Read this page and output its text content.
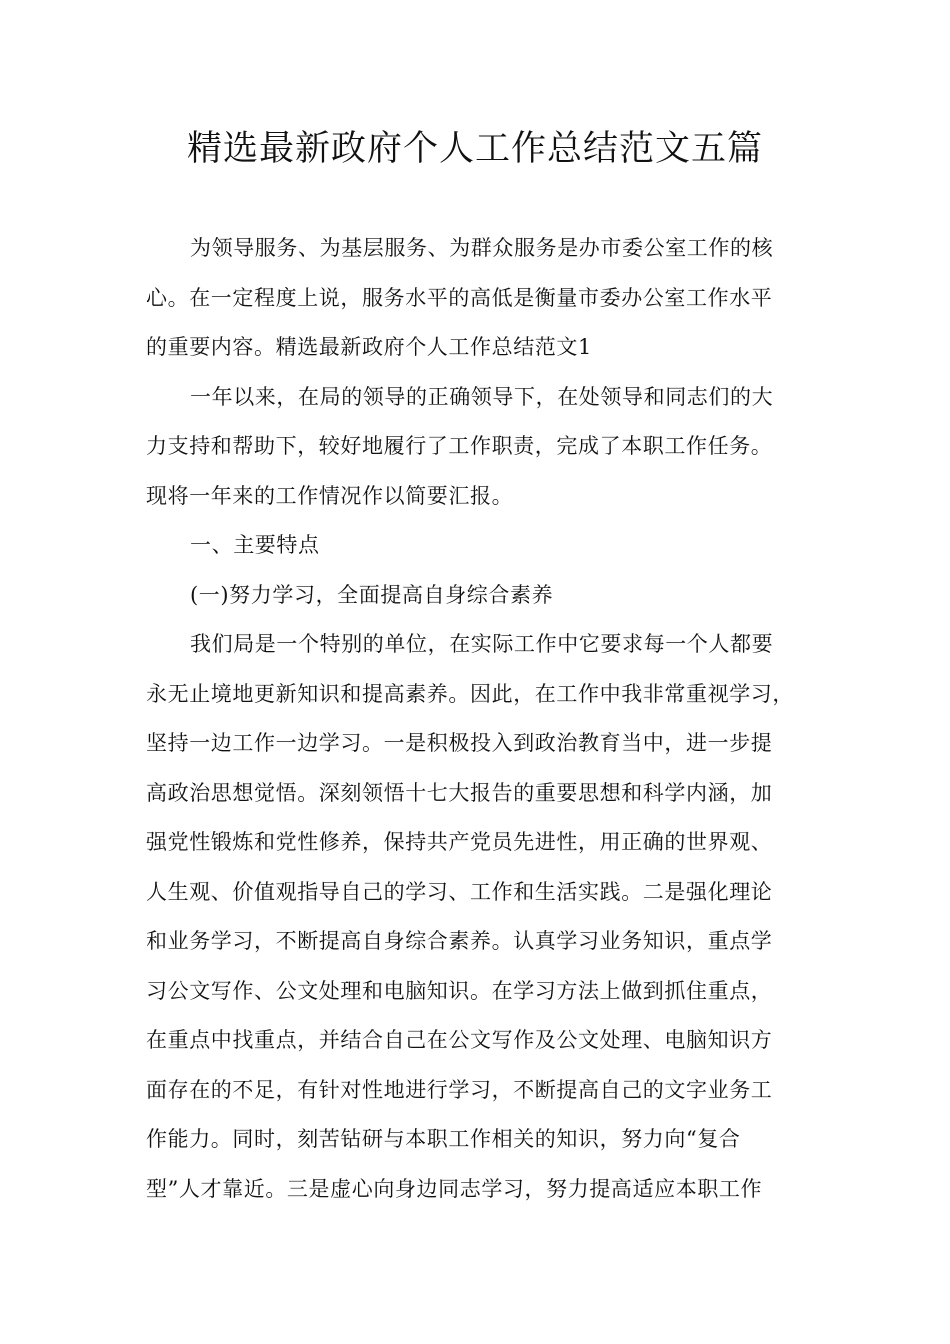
精选最新政府个人工作总结范文五篇
为领导服务、为基层服务、为群众服务是办市委公室工作的核
心。在一定程度上说，服务水平的高低是衡量市委办公室工作水平
的重要内容。精选最新政府个人工作总结范文1
一年以来，在局的领导的正确领导下，在处领导和同志们的大
力支持和帮助下，较好地履行了工作职责，完成了本职工作任务。
现将一年来的工作情况作以简要汇报。
一、主要特点
(一)努力学习，全面提高自身综合素养
我们局是一个特别的单位，在实际工作中它要求每一个人都要
永无止境地更新知识和提高素养。因此，在工作中我非常重视学习，
坚持一边工作一边学习。一是积极投入到政治教育当中，进一步提
高政治思想觉悟。深刻领悟十七大报告的重要思想和科学内涵，加
强党性锻炼和党性修养，保持共产党员先进性，用正确的世界观、
人生观、价值观指导自己的学习、工作和生活实践。二是强化理论
和业务学习，不断提高自身综合素养。认真学习业务知识，重点学
习公文写作、公文处理和电脑知识。在学习方法上做到抓住重点，
在重点中找重点，并结合自己在公文写作及公文处理、电脑知识方
面存在的不足，有针对性地进行学习，不断提高自己的文字业务工
作能力。同时，刻苦钻研与本职工作相关的知识，努力向“复合
型”人才靠近。三是虚心向身边同志学习，努力提高适应本职工作
